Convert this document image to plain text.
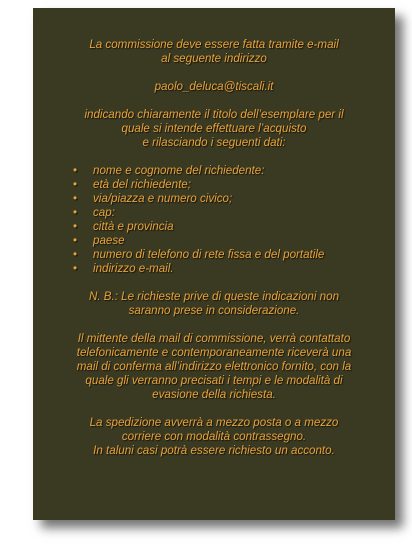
La commissione deve essere fatta tramite e-mail
al seguente indirizzo

paolo_deluca@tiscali.it

indicando chiaramente il titolo dell’esemplare per il
quale si intende effettuare l’acquisto
e rilasciando i seguenti dati:

• nome e cognome del richiedente:
• età del richiedente;
• via/piazza e numero civico;
• cap:
• città e provincia
• paese
• numero di telefono di rete fissa e del portatile
• indirizzo e-mail.

N. B.: Le richieste prive di queste indicazioni non
saranno prese in considerazione.

Il mittente della mail di commissione, verrà contattato
telefonicamente e contemporaneamente riceverà una
mail di conferma all’indirizzo elettronico fornito, con la
quale gli verranno precisati i tempi e le modalità di
evasione della richiesta.

La spedizione avverrà a mezzo posta o a mezzo
corriere con modalità contrassegno.
In taluni casi potrà essere richiesto un acconto.
